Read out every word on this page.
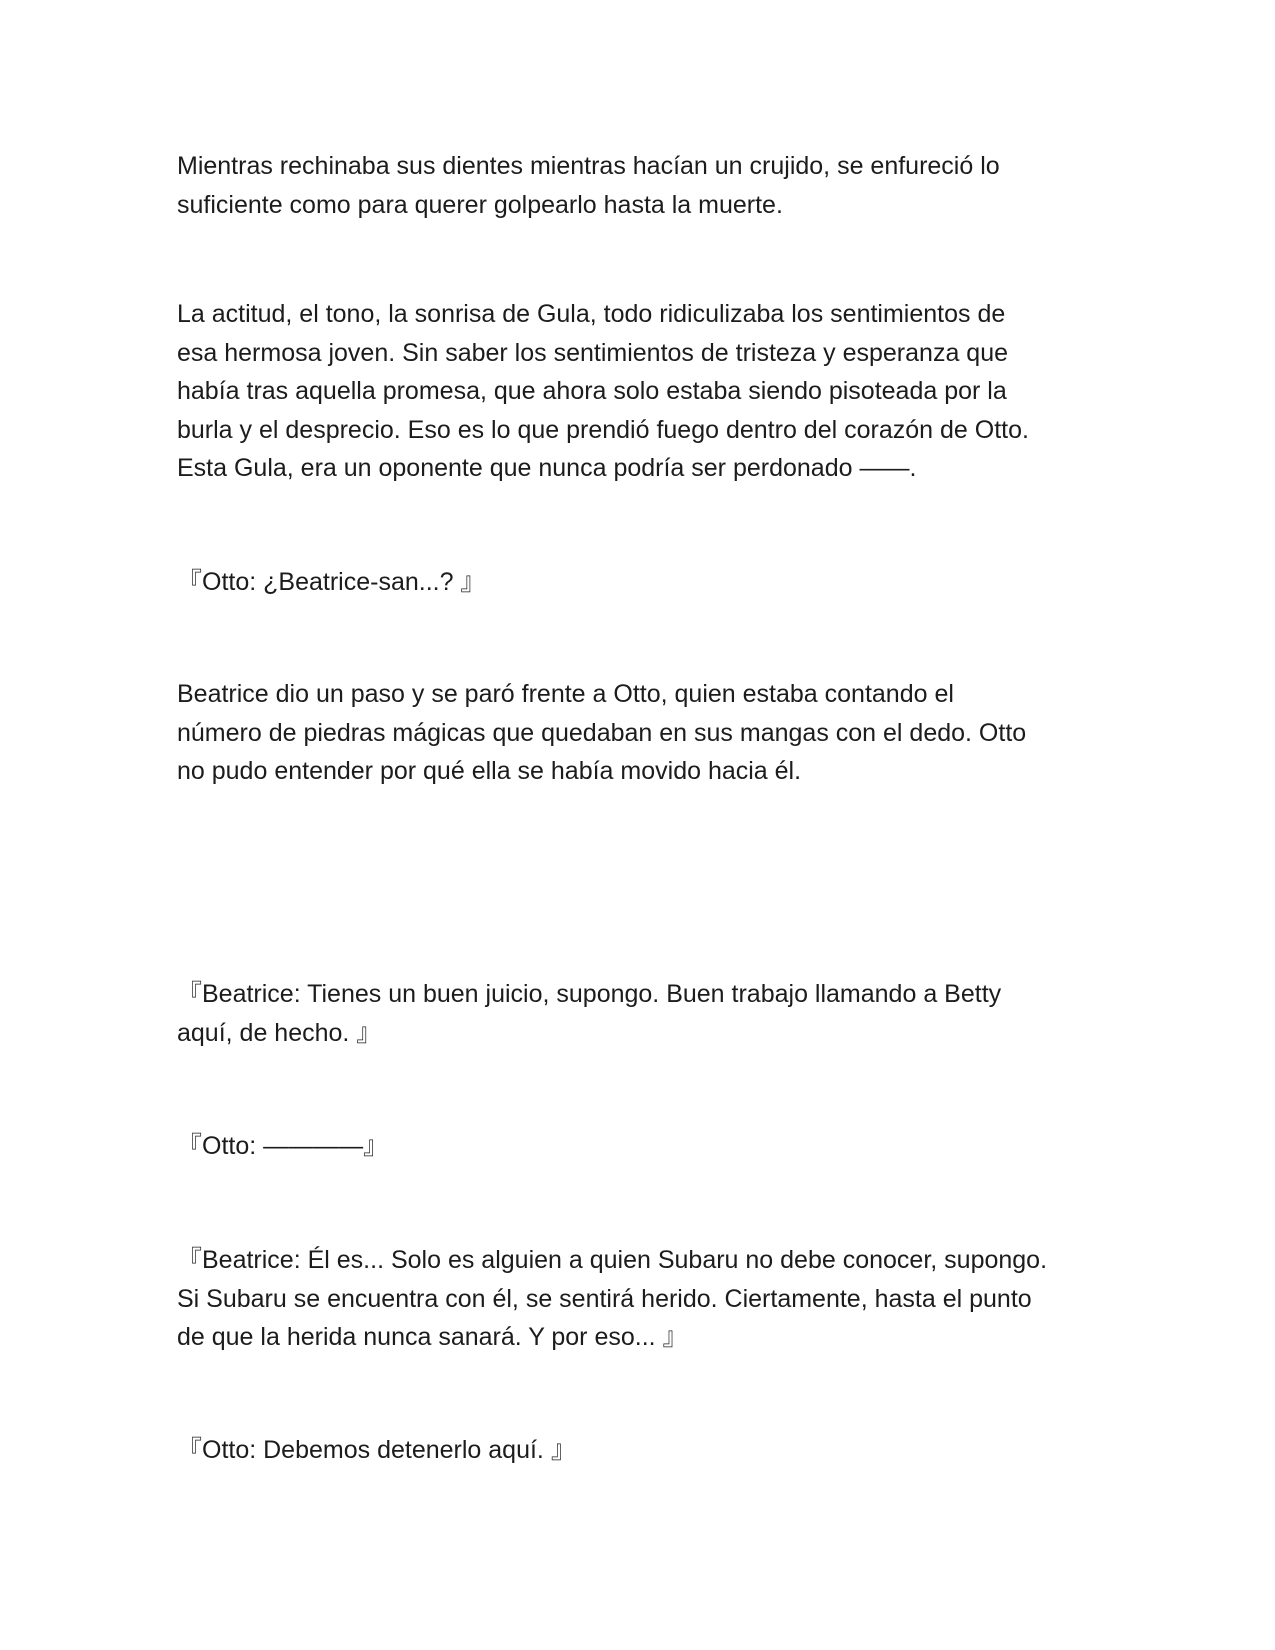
Mientras rechinaba sus dientes mientras hacían un crujido, se enfureció lo
suficiente como para querer golpearlo hasta la muerte.

La actitud, el tono, la sonrisa de Gula, todo ridiculizaba los sentimientos de
esa hermosa joven. Sin saber los sentimientos de tristeza y esperanza que
había tras aquella promesa, que ahora solo estaba siendo pisoteada por la
burla y el desprecio. Eso es lo que prendió fuego dentro del corazón de Otto.
Esta Gula, era un oponente que nunca podría ser perdonado ——.

『Otto: ¿Beatrice-san...? 』

Beatrice dio un paso y se paró frente a Otto, quien estaba contando el
número de piedras mágicas que quedaban en sus mangas con el dedo. Otto
no pudo entender por qué ella se había movido hacia él.

『Beatrice: Tienes un buen juicio, supongo. Buen trabajo llamando a Betty
aquí, de hecho. 』

『Otto: ————』

『Beatrice: Él es... Solo es alguien a quien Subaru no debe conocer, supongo.
Si Subaru se encuentra con él, se sentirá herido. Ciertamente, hasta el punto
de que la herida nunca sanará. Y por eso... 』

『Otto: Debemos detenerlo aquí. 』
